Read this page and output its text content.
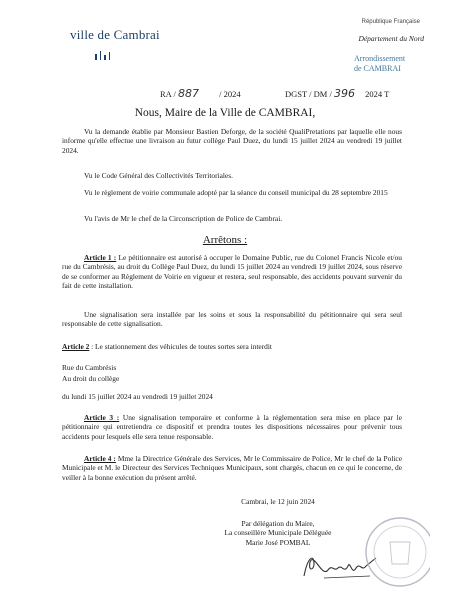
ville de Cambrai
République Française
Département du Nord
Arrondissement
de CAMBRAI
RA / 887 / 2024	DGST / DM / 396 2024 T
Nous, Maire de la Ville de CAMBRAI,
Vu la demande établie par Monsieur Bastien Deforge, de la société QualiPretations par laquelle elle nous informe qu'elle effectue une livraison au futur collège Paul Duez, du lundi 15 juillet 2024 au vendredi 19 juillet 2024.
Vu le Code Général des Collectivités Territoriales.
Vu le règlement de voirie communale adopté par la séance du conseil municipal du 28 septembre 2015
Vu l'avis de Mr le chef de la Circonscription de Police de Cambrai.
Arrêtons :
Article 1 : Le pétitionnaire est autorisé à occuper le Domaine Public, rue du Colonel Francis Nicole et/ou rue du Cambrésis, au droit du Collège Paul Duez, du lundi 15 juillet 2024 au vendredi 19 juillet 2024, sous réserve de se conformer au Règlement de Voirie en vigueur et restera, seul responsable, des accidents pouvant survenir du fait de cette installation.
Une signalisation sera installée par les soins et sous la responsabilité du pétitionnaire qui sera seul responsable de cette signalisation.
Article 2 : Le stationnement des véhicules de toutes sortes sera interdit
Rue du Cambrésis
Au droit du collège
du lundi 15 juillet 2024 au vendredi 19 juillet 2024
Article 3 : Une signalisation temporaire et conforme à la réglementation sera mise en place par le pétitionnaire qui entretiendra ce dispositif et prendra toutes les dispositions nécessaires pour prévenir tous accidents pour lesquels elle sera tenue responsable.
Article 4 : Mme la Directrice Générale des Services, Mr le Commissaire de Police, Mr le chef de la Police Municipale et M. le Directeur des Services Techniques Municipaux, sont chargés, chacun en ce qui le concerne, de veiller à la bonne exécution du présent arrêté.
Cambrai, le 12 juin 2024
Par délégation du Maire,
La conseillère Municipale Déléguée
Marie José POMBAL
